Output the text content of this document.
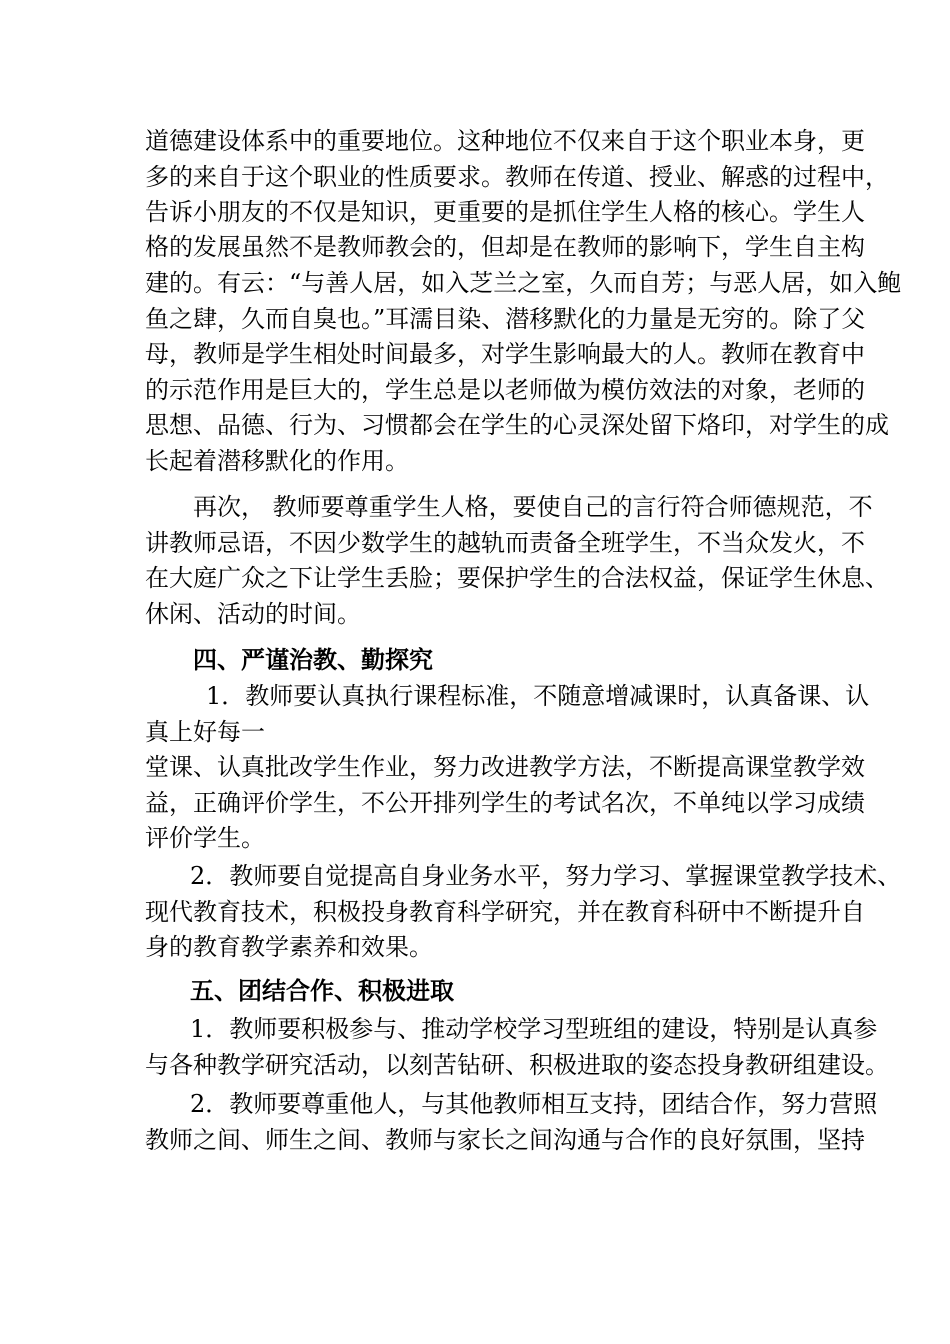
道德建设体系中的重要地位。这种地位不仅来自于这个职业本身，更
多的来自于这个职业的性质要求。教师在传道、授业、解惑的过程中，
告诉小朋友的不仅是知识，更重要的是抓住学生人格的核心。学生人
格的发展虽然不是教师教会的，但却是在教师的影响下，学生自主构
建的。有云：“与善人居，如入芝兰之室，久而自芳；与恶人居，如入鲍
鱼之肆，久而自臭也。”耳濡目染、潜移默化的力量是无穷的。除了父
母，教师是学生相处时间最多，对学生影响最大的人。教师在教育中
的示范作用是巨大的，学生总是以老师做为模仿效法的对象，老师的
思想、品德、行为、习惯都会在学生的心灵深处留下烙印，对学生的成
长起着潜移默化的作用。
再次， 教师要尊重学生人格，要使自己的言行符合师德规范，不
讲教师忌语，不因少数学生的越轨而责备全班学生，不当众发火，不
在大庭广众之下让学生丢脸；要保护学生的合法权益，保证学生休息、
休闲、活动的时间。
四、严谨治教、勤探究
1．教师要认真执行课程标准，不随意增减课时，认真备课、认
真上好每一
堂课、认真批改学生作业，努力改进教学方法，不断提高课堂教学效
益，正确评价学生，不公开排列学生的考试名次，不单纯以学习成绩
评价学生。
2．教师要自觉提高自身业务水平，努力学习、掌握课堂教学技术、
现代教育技术，积极投身教育科学研究，并在教育科研中不断提升自
身的教育教学素养和效果。
五、团结合作、积极进取
1．教师要积极参与、推动学校学习型班组的建设，特别是认真参
与各种教学研究活动，以刻苦钻研、积极进取的姿态投身教研组建设。
2．教师要尊重他人，与其他教师相互支持，团结合作，努力营照
教师之间、师生之间、教师与家长之间沟通与合作的良好氛围，坚持
